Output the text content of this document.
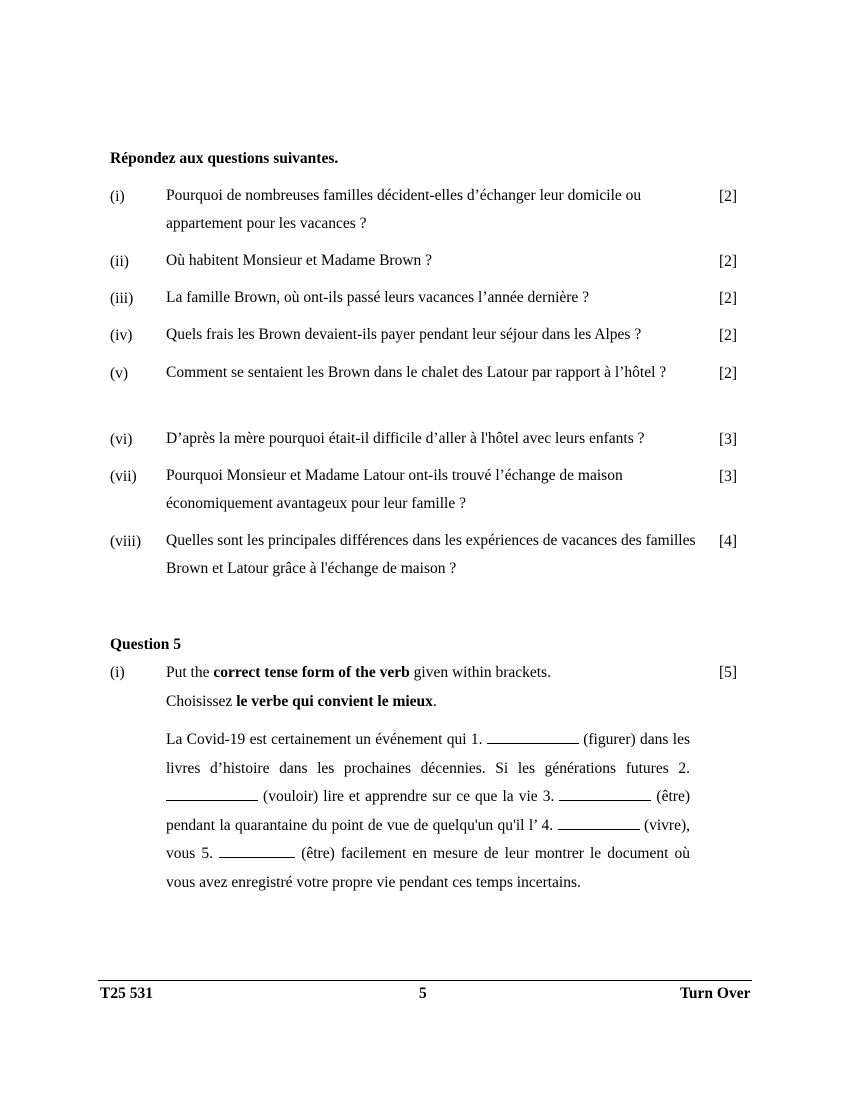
Répondez aux questions suivantes.
(i)	Pourquoi de nombreuses familles décident-elles d’échanger leur domicile ou appartement pour les vacances ?
[2]
(ii) Où habitent Monsieur et Madame Brown ?	[2]
(iii) La famille Brown, où ont-ils passé leurs vacances l’année dernière ?	[2]
(iv) Quels frais les Brown devaient-ils payer pendant leur séjour dans les Alpes ?	[2]
(v) Comment se sentaient les Brown dans le chalet des Latour par rapport à l’hôtel ?	[2]
(vi) D’après la mère pourquoi était-il difficile d’aller à l'hôtel avec leurs enfants ?	[3]
(vii) Pourquoi Monsieur et Madame Latour ont-ils trouvé l’échange de maison économiquement avantageux pour leur famille ?
[3]
(viii) Quelles sont les principales différences dans les expériences de vacances des familles Brown et Latour grâce à l'échange de maison ?
[4]
Question 5
(i)	[5]
Put the correct tense form of the verb given within brackets.
Choisissez le verbe qui convient le mieux.
La Covid-19 est certainement un événement qui 1.	(figurer) dans les livres d’histoire dans les prochaines décennies. Si les générations futures 2.  (vouloir) lire et apprendre sur ce que la vie 3.	(être) pendant la quarantaine du point de vue de quelqu'un qu'il l’ 4.	(vivre), vous 5.	(être) facilement en mesure de leur montrer le document où vous avez enregistré votre propre vie pendant ces temps incertains.
T25 531	5	Turn Over
